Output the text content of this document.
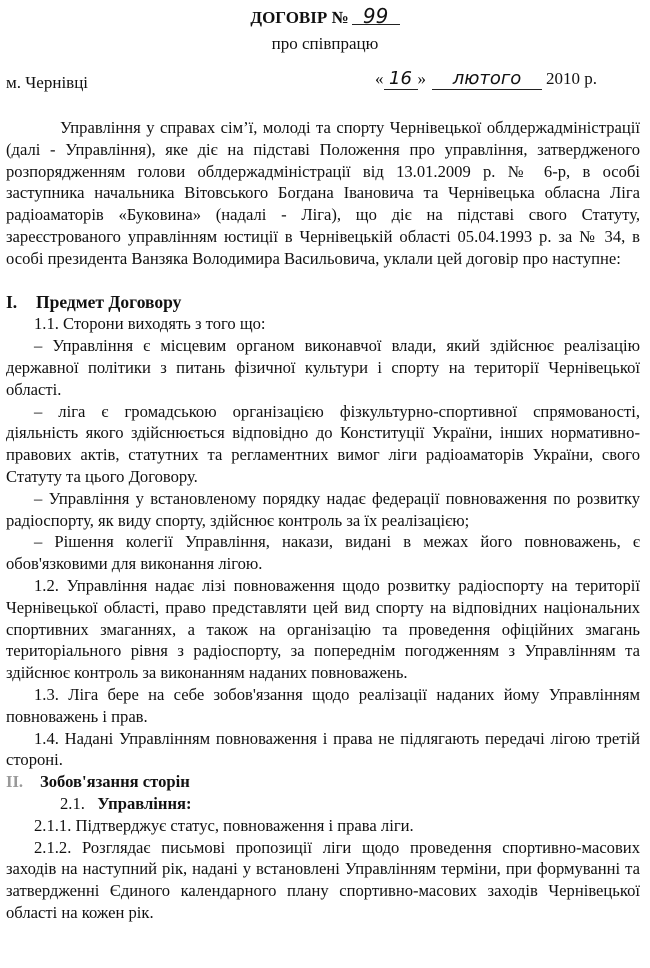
ДОГОВІР № 99
про співпрацю
м. Чернівці	« 16 » лютого 2010 р.

Управління у справах сім’ї, молоді та спорту Чернівецької облдержадміністрації (далі - Управління), яке діє на підставі Положення про управління, затвердженого розпорядженням голови облдержадміністрації від 13.01.2009 р. № 6-р, в особі заступника начальника Вітовського Богдана Івановича та Чернівецька обласна Ліга радіоаматорів «Буковина» (надалі - Ліга), що діє на підставі свого Статуту, зареєстрованого управлінням юстиції в Чернівецькій області 05.04.1993 р. за № 34, в особі президента Ванзяка Володимира Васильовича, уклали цей договір про наступне:

I. Предмет Договору

1.1. Сторони виходять з того що:

– Управління є місцевим органом виконавчої влади, який здійснює реалізацію державної політики з питань фізичної культури і спорту на території Чернівецької області.

– ліга є громадською організацією фізкультурно-спортивної спрямованості, діяльність якого здійснюється відповідно до Конституції України, інших нормативно-правових актів, статутних та регламентних вимог ліги радіоаматорів України, свого Статуту та цього Договору.

– Управління у встановленому порядку надає федерації повноваження по розвитку радіоспорту, як виду спорту, здійснює контроль за їх реалізацією;

– Рішення колегії Управління, накази, видані в межах його повноважень, є обов'язковими для виконання лігою.

1.2. Управління надає лізі повноваження щодо розвитку радіоспорту на території Чернівецької області, право представляти цей вид спорту на відповідних національних спортивних змаганнях, а також на організацію та проведення офіційних змагань територіального рівня з радіоспорту, за попереднім погодженням з Управлінням та здійснює контроль за виконанням наданих повноважень.

1.3. Ліга бере на себе зобов'язання щодо реалізації наданих йому Управлінням повноважень і прав.

1.4. Надані Управлінням повноваження і права не підлягають передачі лігою третій стороні.

II. Зобов'язання сторін

2.1. Управління:

2.1.1. Підтверджує статус, повноваження і права ліги.

2.1.2. Розглядає письмові пропозиції ліги щодо проведення спортивно-масових заходів на наступний рік, надані у встановлені Управлінням терміни, при формуванні та затвердженні Єдиного календарного плану спортивно-масових заходів Чернівецької області на кожен рік.
